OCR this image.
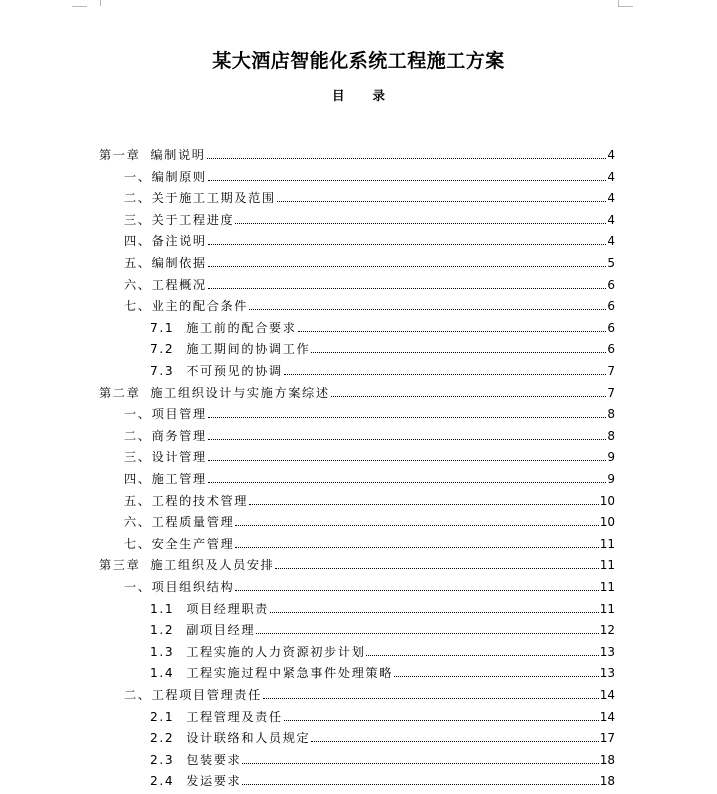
某大酒店智能化系统工程施工方案
目 录
第一章 编制说明	4
一、编制原则	4
二、关于施工工期及范围	4
三、关于工程进度	4
四、备注说明	4
五、编制依据	5
六、工程概况	6
七、业主的配合条件	6
7.1 施工前的配合要求	6
7.2 施工期间的协调工作	6
7.3 不可预见的协调	7
第二章 施工组织设计与实施方案综述	7
一、项目管理	8
二、商务管理	8
三、设计管理	9
四、施工管理	9
五、工程的技术管理	10
六、工程质量管理	10
七、安全生产管理	11
第三章 施工组织及人员安排	11
一、项目组织结构	11
1.1 项目经理职责	11
1.2 副项目经理	12
1.3 工程实施的人力资源初步计划	13
1.4 工程实施过程中紧急事件处理策略	13
二、工程项目管理责任	14
2.1 工程管理及责任	14
2.2 设计联络和人员规定	17
2.3 包装要求	18
2.4 发运要求	18
